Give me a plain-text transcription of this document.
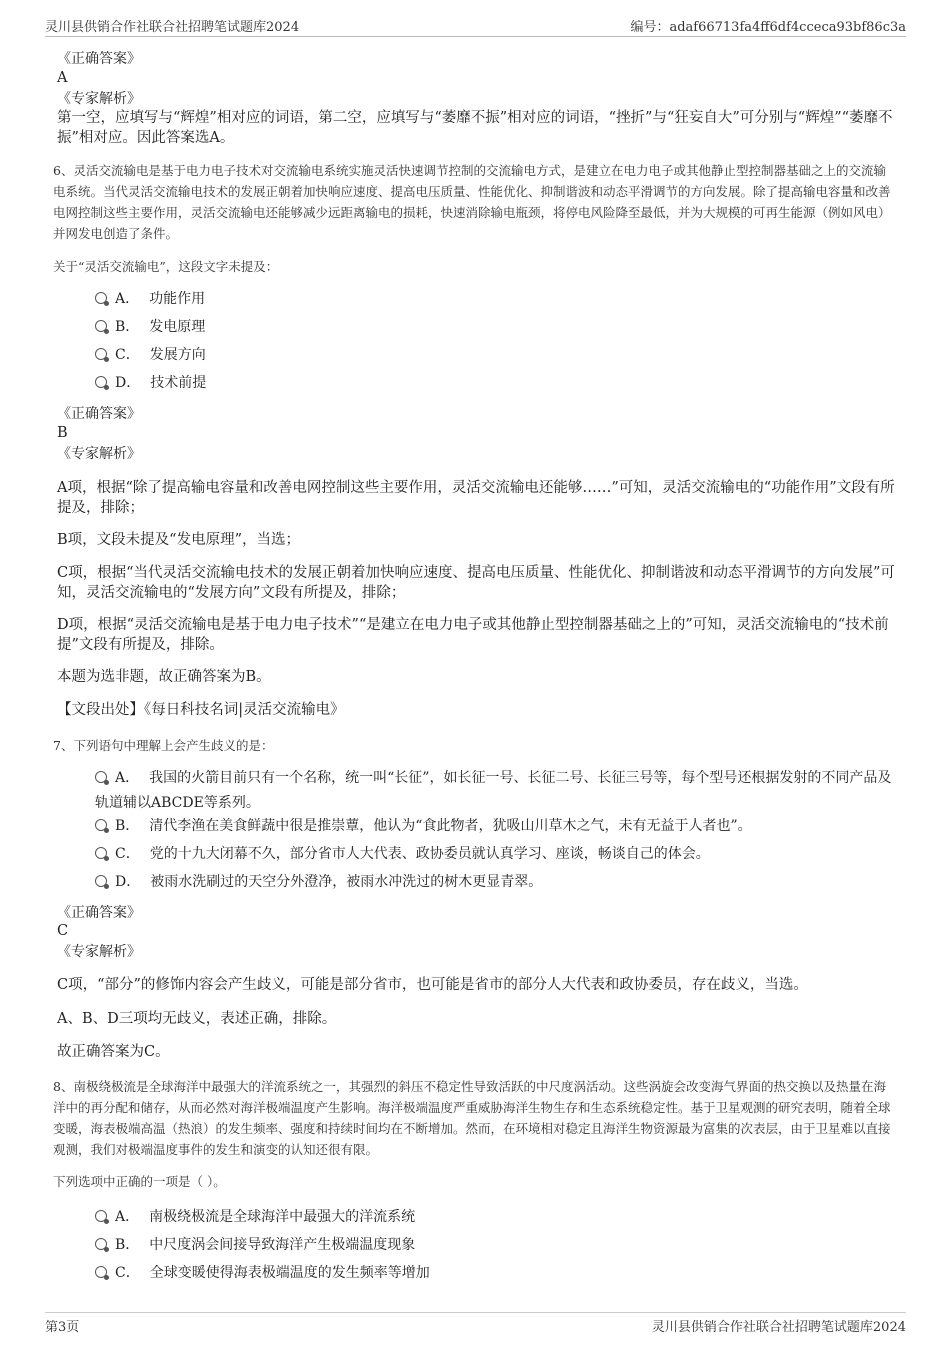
灵川县供销合作社联合社招聘笔试题库2024	编号：adaf66713fa4ff6df4cceca93bf86c3a
《正确答案》
A
《专家解析》
第一空，应填写与“辉煌”相对应的词语，第二空，应填写与“萎靡不振”相对应的词语，“挫折”与“狂妄自大”可分别与“辉煌”“萎靡不振”相对应。因此答案选A。
6、灵活交流输电是基于电力电子技术对交流输电系统实施灵活快速调节控制的交流输电方式，是建立在电力电子或其他静止型控制器基础之上的交流输电系统。当代灵活交流输电技术的发展正朝着加快响应速度、提高电压质量、性能优化、抑制谐波和动态平滑调节的方向发展。除了提高输电容量和改善电网控制这些主要作用，灵活交流输电还能够减少远距离输电的损耗，快速消除输电瓶颈，将停电风险降至最低，并为大规模的可再生能源（例如风电）并网发电创造了条件。
关于“灵活交流输电”，这段文字未提及：
A． 功能作用
B． 发电原理
C． 发展方向
D． 技术前提
《正确答案》
B
《专家解析》
A项，根据“除了提高输电容量和改善电网控制这些主要作用，灵活交流输电还能够……”可知，灵活交流输电的“功能作用”文段有所提及，排除；
B项，文段未提及“发电原理”，当选；
C项，根据“当代灵活交流输电技术的发展正朝着加快响应速度、提高电压质量、性能优化、抑制谐波和动态平滑调节的方向发展”可知，灵活交流输电的“发展方向”文段有所提及，排除；
D项，根据“灵活交流输电是基于电力电子技术”“是建立在电力电子或其他静止型控制器基础之上的”可知，灵活交流输电的“技术前提”文段有所提及，排除。
本题为选非题，故正确答案为B。
【文段出处】《每日科技名词|灵活交流输电》
7、下列语句中理解上会产生歧义的是：
A． 我国的火箭目前只有一个名称，统一叫“长征”，如长征一号、长征二号、长征三号等，每个型号还根据发射的不同产品及轨道辅以ABCDE等系列。
B． 清代李渔在美食鲜蔬中很是推崇蕈，他认为“食此物者，犹吸山川草木之气，未有无益于人者也”。
C． 党的十九大闭幕不久，部分省市人大代表、政协委员就认真学习、座谈，畅谈自己的体会。
D． 被雨水洗刷过的天空分外澄净，被雨水冲洗过的树木更显青翠。
《正确答案》
C
《专家解析》
C项，“部分”的修饰内容会产生歧义，可能是部分省市，也可能是省市的部分人大代表和政协委员，存在歧义，当选。
A、B、D三项均无歧义，表述正确，排除。
故正确答案为C。
8、南极绕极流是全球海洋中最强大的洋流系统之一，其强烈的斜压不稳定性导致活跃的中尺度涡活动。这些涡旋会改变海气界面的热交换以及热量在海洋中的再分配和储存，从而必然对海洋极端温度产生影响。海洋极端温度严重威胁海洋生物生存和生态系统稳定性。基于卫星观测的研究表明，随着全球变暖，海表极端高温（热浪）的发生频率、强度和持续时间均在不断增加。然而，在环境相对稳定且海洋生物资源最为富集的次表层，由于卫星难以直接观测，我们对极端温度事件的发生和演变的认知还很有限。
下列选项中正确的一项是（ ）。
A． 南极绕极流是全球海洋中最强大的洋流系统
B． 中尺度涡会间接导致海洋产生极端温度现象
C． 全球变暖使得海表极端温度的发生频率等增加
第3页	灵川县供销合作社联合社招聘笔试题库2024
